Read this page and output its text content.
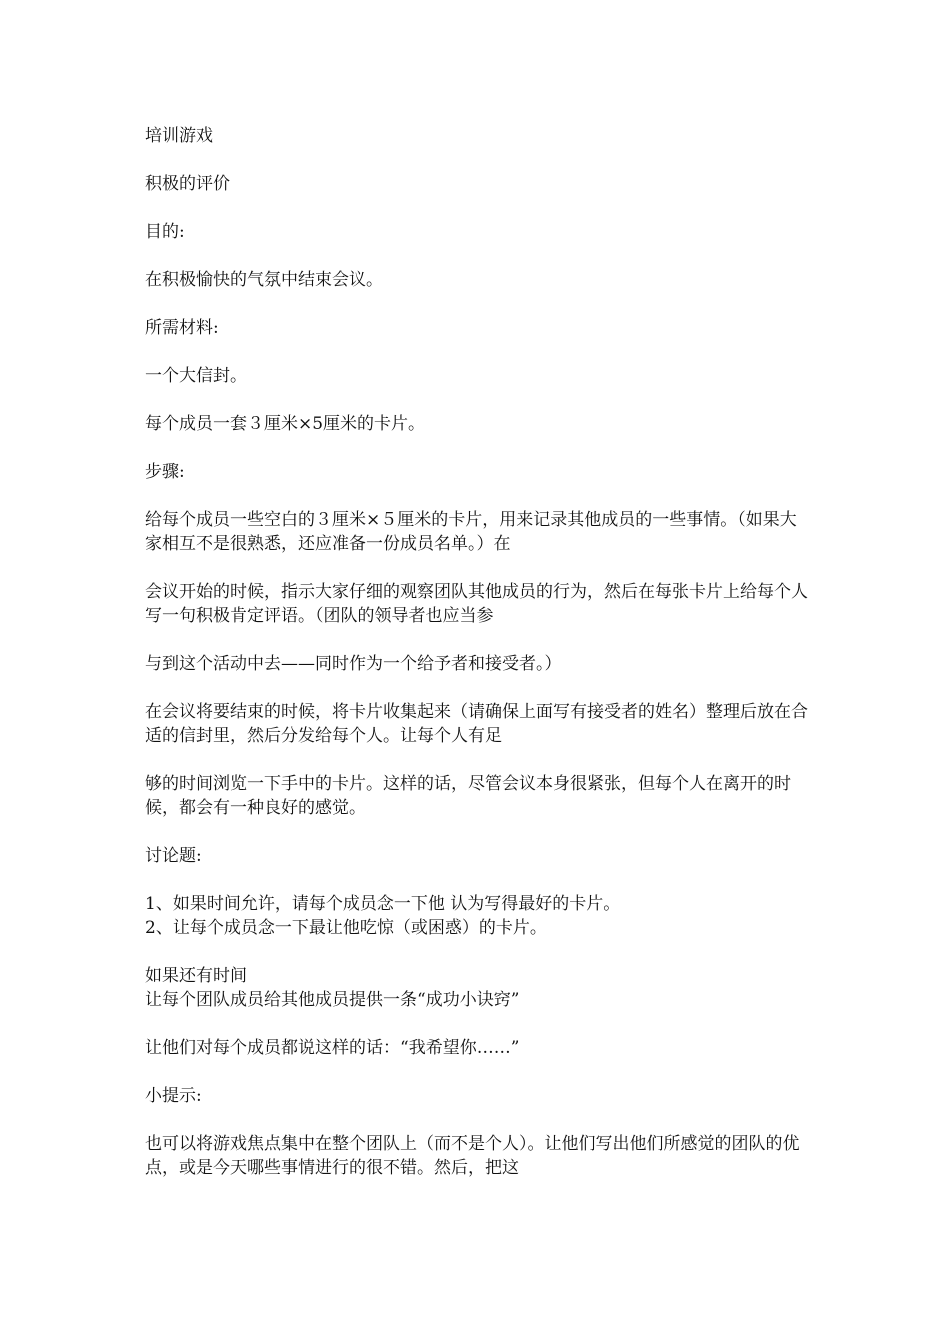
培训游戏

积极的评价

目的:

在积极愉快的气氛中结束会议。

所需材料:

一个大信封。

每个成员一套３厘米×5厘米的卡片。

步骤:

给每个成员一些空白的３厘米×５厘米的卡片，用来记录其他成员的一些事情。（如果大家相互不是很熟悉，还应准备一份成员名单。）在

会议开始的时候，指示大家仔细的观察团队其他成员的行为，然后在每张卡片上给每个人写一句积极肯定评语。（团队的领导者也应当参

与到这个活动中去——同时作为一个给予者和接受者。）

在会议将要结束的时候，将卡片收集起来（请确保上面写有接受者的姓名）整理后放在合适的信封里，然后分发给每个人。让每个人有足

够的时间浏览一下手中的卡片。这样的话，尽管会议本身很紧张，但每个人在离开的时候，都会有一种良好的感觉。

讨论题:

1、如果时间允许，请每个成员念一下他 认为写得最好的卡片。

2、让每个成员念一下最让他吃惊（或困惑）的卡片。

如果还有时间

让每个团队成员给其他成员提供一条“成功小诀窍”

让他们对每个成员都说这样的话：“我希望你……”

小提示:

也可以将游戏焦点集中在整个团队上（而不是个人）。让他们写出他们所感觉的团队的优点，或是今天哪些事情进行的很不错。然后，把这
